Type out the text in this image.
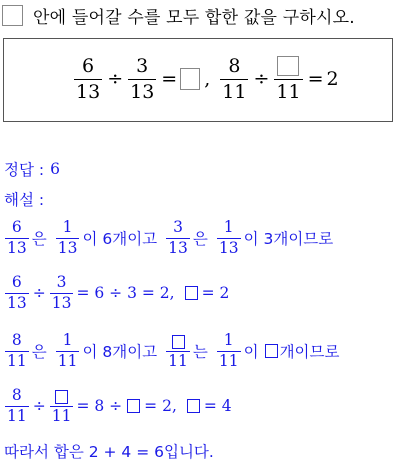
안에 들어갈 수를 모두 합한 값을 구하시오.
$\frac{6}{13} \div \frac{3}{13}$ = , $\frac{8}{11}$ ÷
11
= 2
정답 : 6
해설 :
$\frac{6}{13}$ 은 $\frac{1}{13}$ 이 6개이고 $\frac{3}{13}$ 은 $\frac{1}{13}$ 이 3개이므로
$\frac{6}{13} \div \frac{3}{13} = 6 \div 3 = 2$, = 2
$\frac{8}{11}$ 은 $\frac{1}{11}$ 이 8개이고 11 는 $\frac{1}{11}$ 이 개이므로
$\frac{8}{11}$ ÷
11
= 8 ÷ = 2, = 4
따라서 합은 2 + 4 = 6입니다.
